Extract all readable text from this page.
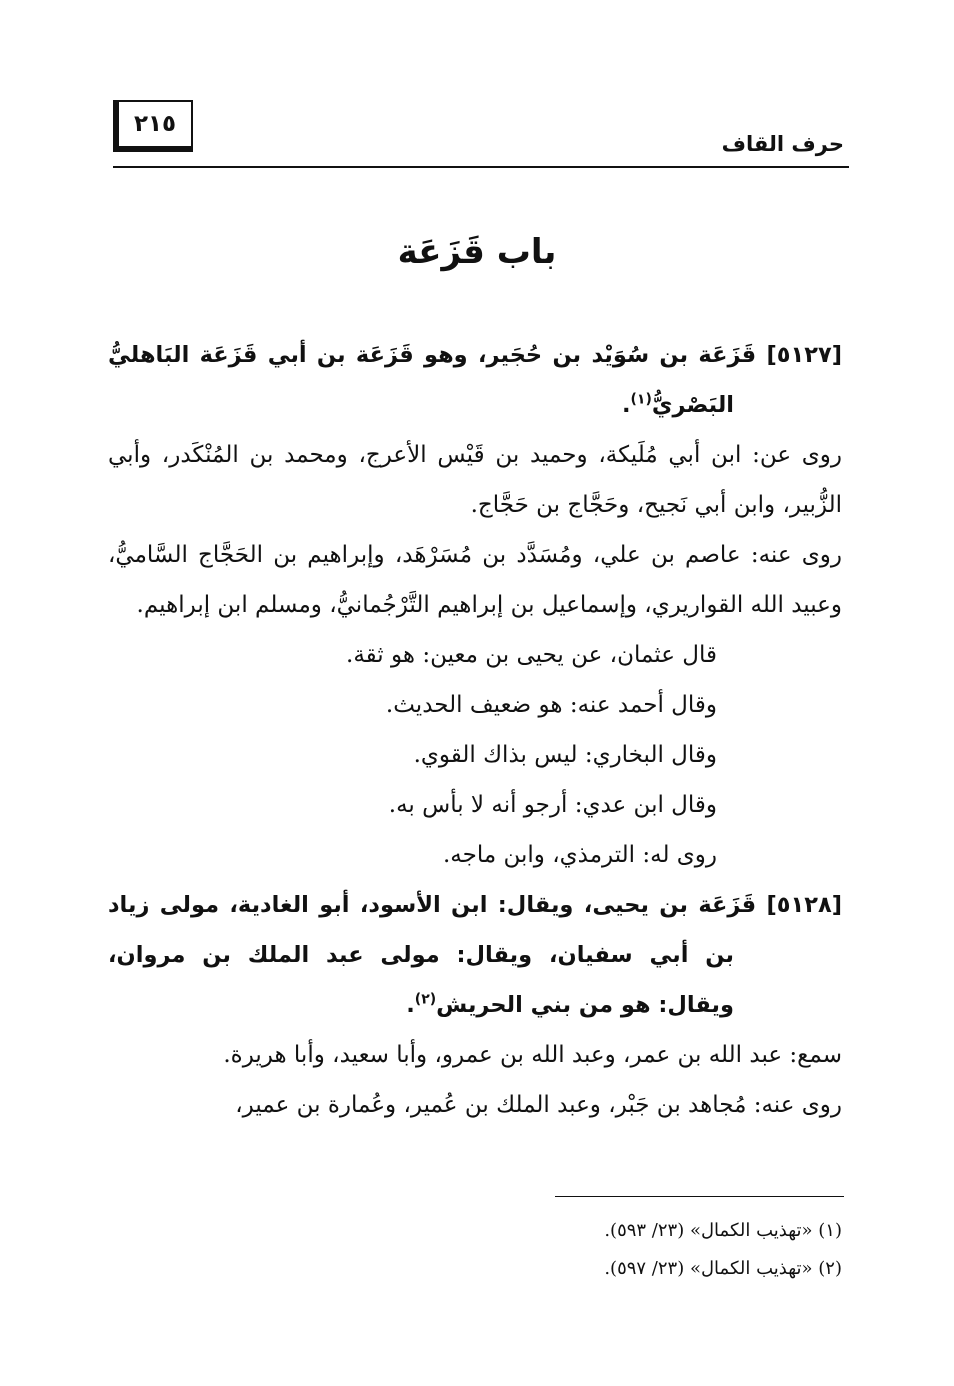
حرف القاف
٢١٥
باب قَزَعَة

[٥١٢٧] قَزَعَة بن سُوَيْد بن حُجَير، وهو قَزَعَة بن أبي قَزَعَة البَاهليُّ البَصْريُّ$^{(١)}$.

روى عن: ابن أبي مُلَيكة، وحميد بن قَيْس الأعرج، ومحمد بن المُنْكَدر، وأبي الزُّبير، وابن أبي نَجيح، وحَجَّاج بن حَجَّاج.

روى عنه: عاصم بن علي، ومُسَدَّد بن مُسَرْهَد، وإبراهيم بن الحَجَّاج السَّاميُّ، وعبيد الله القواريري، وإسماعيل بن إبراهيم التَّرْجُمانيُّ، ومسلم ابن إبراهيم.

قال عثمان، عن يحيى بن معين: هو ثقة.

وقال أحمد عنه: هو ضعيف الحديث.

وقال البخاري: ليس بذاك القوي.

وقال ابن عدي: أرجو أنه لا بأس به.

روى له: الترمذي، وابن ماجه.

[٥١٢٨] قَزَعَة بن يحيى، ويقال: ابن الأسود، أبو الغادية، مولى زياد بن أبي سفيان، ويقال: مولى عبد الملك بن مروان، ويقال: هو من بني الحريش$^{(٢)}$.

سمع: عبد الله بن عمر، وعبد الله بن عمرو، وأبا سعيد، وأبا هريرة.

روى عنه: مُجاهد بن جَبْر، وعبد الملك بن عُمير، وعُمارة بن عمير،

(١) «تهذيب الكمال» (٢٣/ ٥٩٣).

(٢) «تهذيب الكمال» (٢٣/ ٥٩٧).
